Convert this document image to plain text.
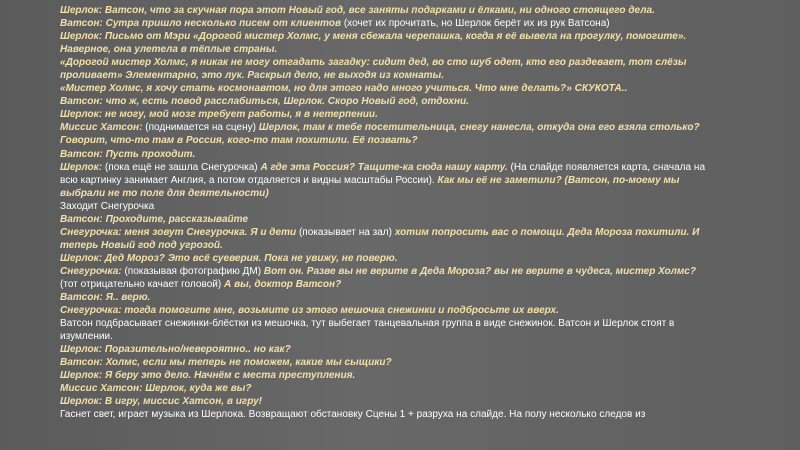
Шерлок: Ватсон, что за скучная пора этот Новый год, все заняты подарками и ёлками, ни одного стоящего дела.
Ватсон: Сутра пришло несколько писем от клиентов (хочет их прочитать, но Шерлок берёт их из рук Ватсона)
Шерлок: Письмо от Мэри «Дорогой мистер Холмс, у меня сбежала черепашка, когда я её вывела на прогулку, помогите».
Наверное, она улетела в тёплые страны.
«Дорогой мистер Холмс, я никак не могу отгадать загадку: сидит дед, во сто шуб одет, кто его раздевает, тот слёзы
проливает» Элементарно, это лук. Раскрыл дело, не выходя из комнаты.
«Мистер Холмс, я хочу стать космонавтом, но для этого надо много учиться. Что мне делать?» СКУКОТА..
Ватсон: что ж, есть повод расслабиться, Шерлок. Скоро Новый год, отдохни.
Шерлок: не могу, мой мозг требует работы, я в нетерпении.
Миссис Хатсон: (поднимается на сцену) Шерлок, там к тебе посетительница, снегу нанесла, откуда она его взяла столько?
Говорит, что-то там в Россия, кого-то там похитили. Её позвать?
Ватсон: Пусть проходит.
Шерлок: (пока ещё не зашла Снегурочка) А где эта Россия? Тащите-ка сюда нашу карту. (На слайде появляется карта, сначала на
всю картинку занимает Англия, а потом отдаляется и видны масштабы России). Как мы её не заметили? (Ватсон, по-моему мы
выбрали не то поле для деятельности)
Заходит Снегурочка
Ватсон: Проходите, рассказывайте
Снегурочка: меня зовут Снегурочка. Я и дети (показывает на зал) хотим попросить вас о помощи. Деда Мороза похитили. И
теперь Новый год под угрозой.
Шерлок: Дед Мороз? Это всё суеверия. Пока не увижу, не поверю.
Снегурочка: (показывая фотографию ДМ) Вот он. Разве вы не верите в Деда Мороза? вы не верите в чудеса, мистер Холмс?
(тот отрицательно качает головой) А вы, доктор Ватсон?
Ватсон: Я.. верю.
Снегурочка: тогда помогите мне, возьмите из этого мешочка снежинки и подбросьте их вверх.
Ватсон подбрасывает снежинки-блёстки из мешочка, тут выбегает танцевальная группа в виде снежинок. Ватсон и Шерлок стоят в
изумлении.
Шерлок: Поразительно/невероятно.. но как?
Ватсон: Холмс, если мы теперь не поможем, какие мы сыщики?
Шерлок: Я беру это дело. Начнём с места преступления.
Миссис Хатсон: Шерлок, куда же вы?
Шерлок: В игру, миссис Хатсон, в игру!
Гаснет свет, играет музыка из Шерлока. Возвращают обстановку Сцены 1 + разруха на слайде. На полу несколько следов из
